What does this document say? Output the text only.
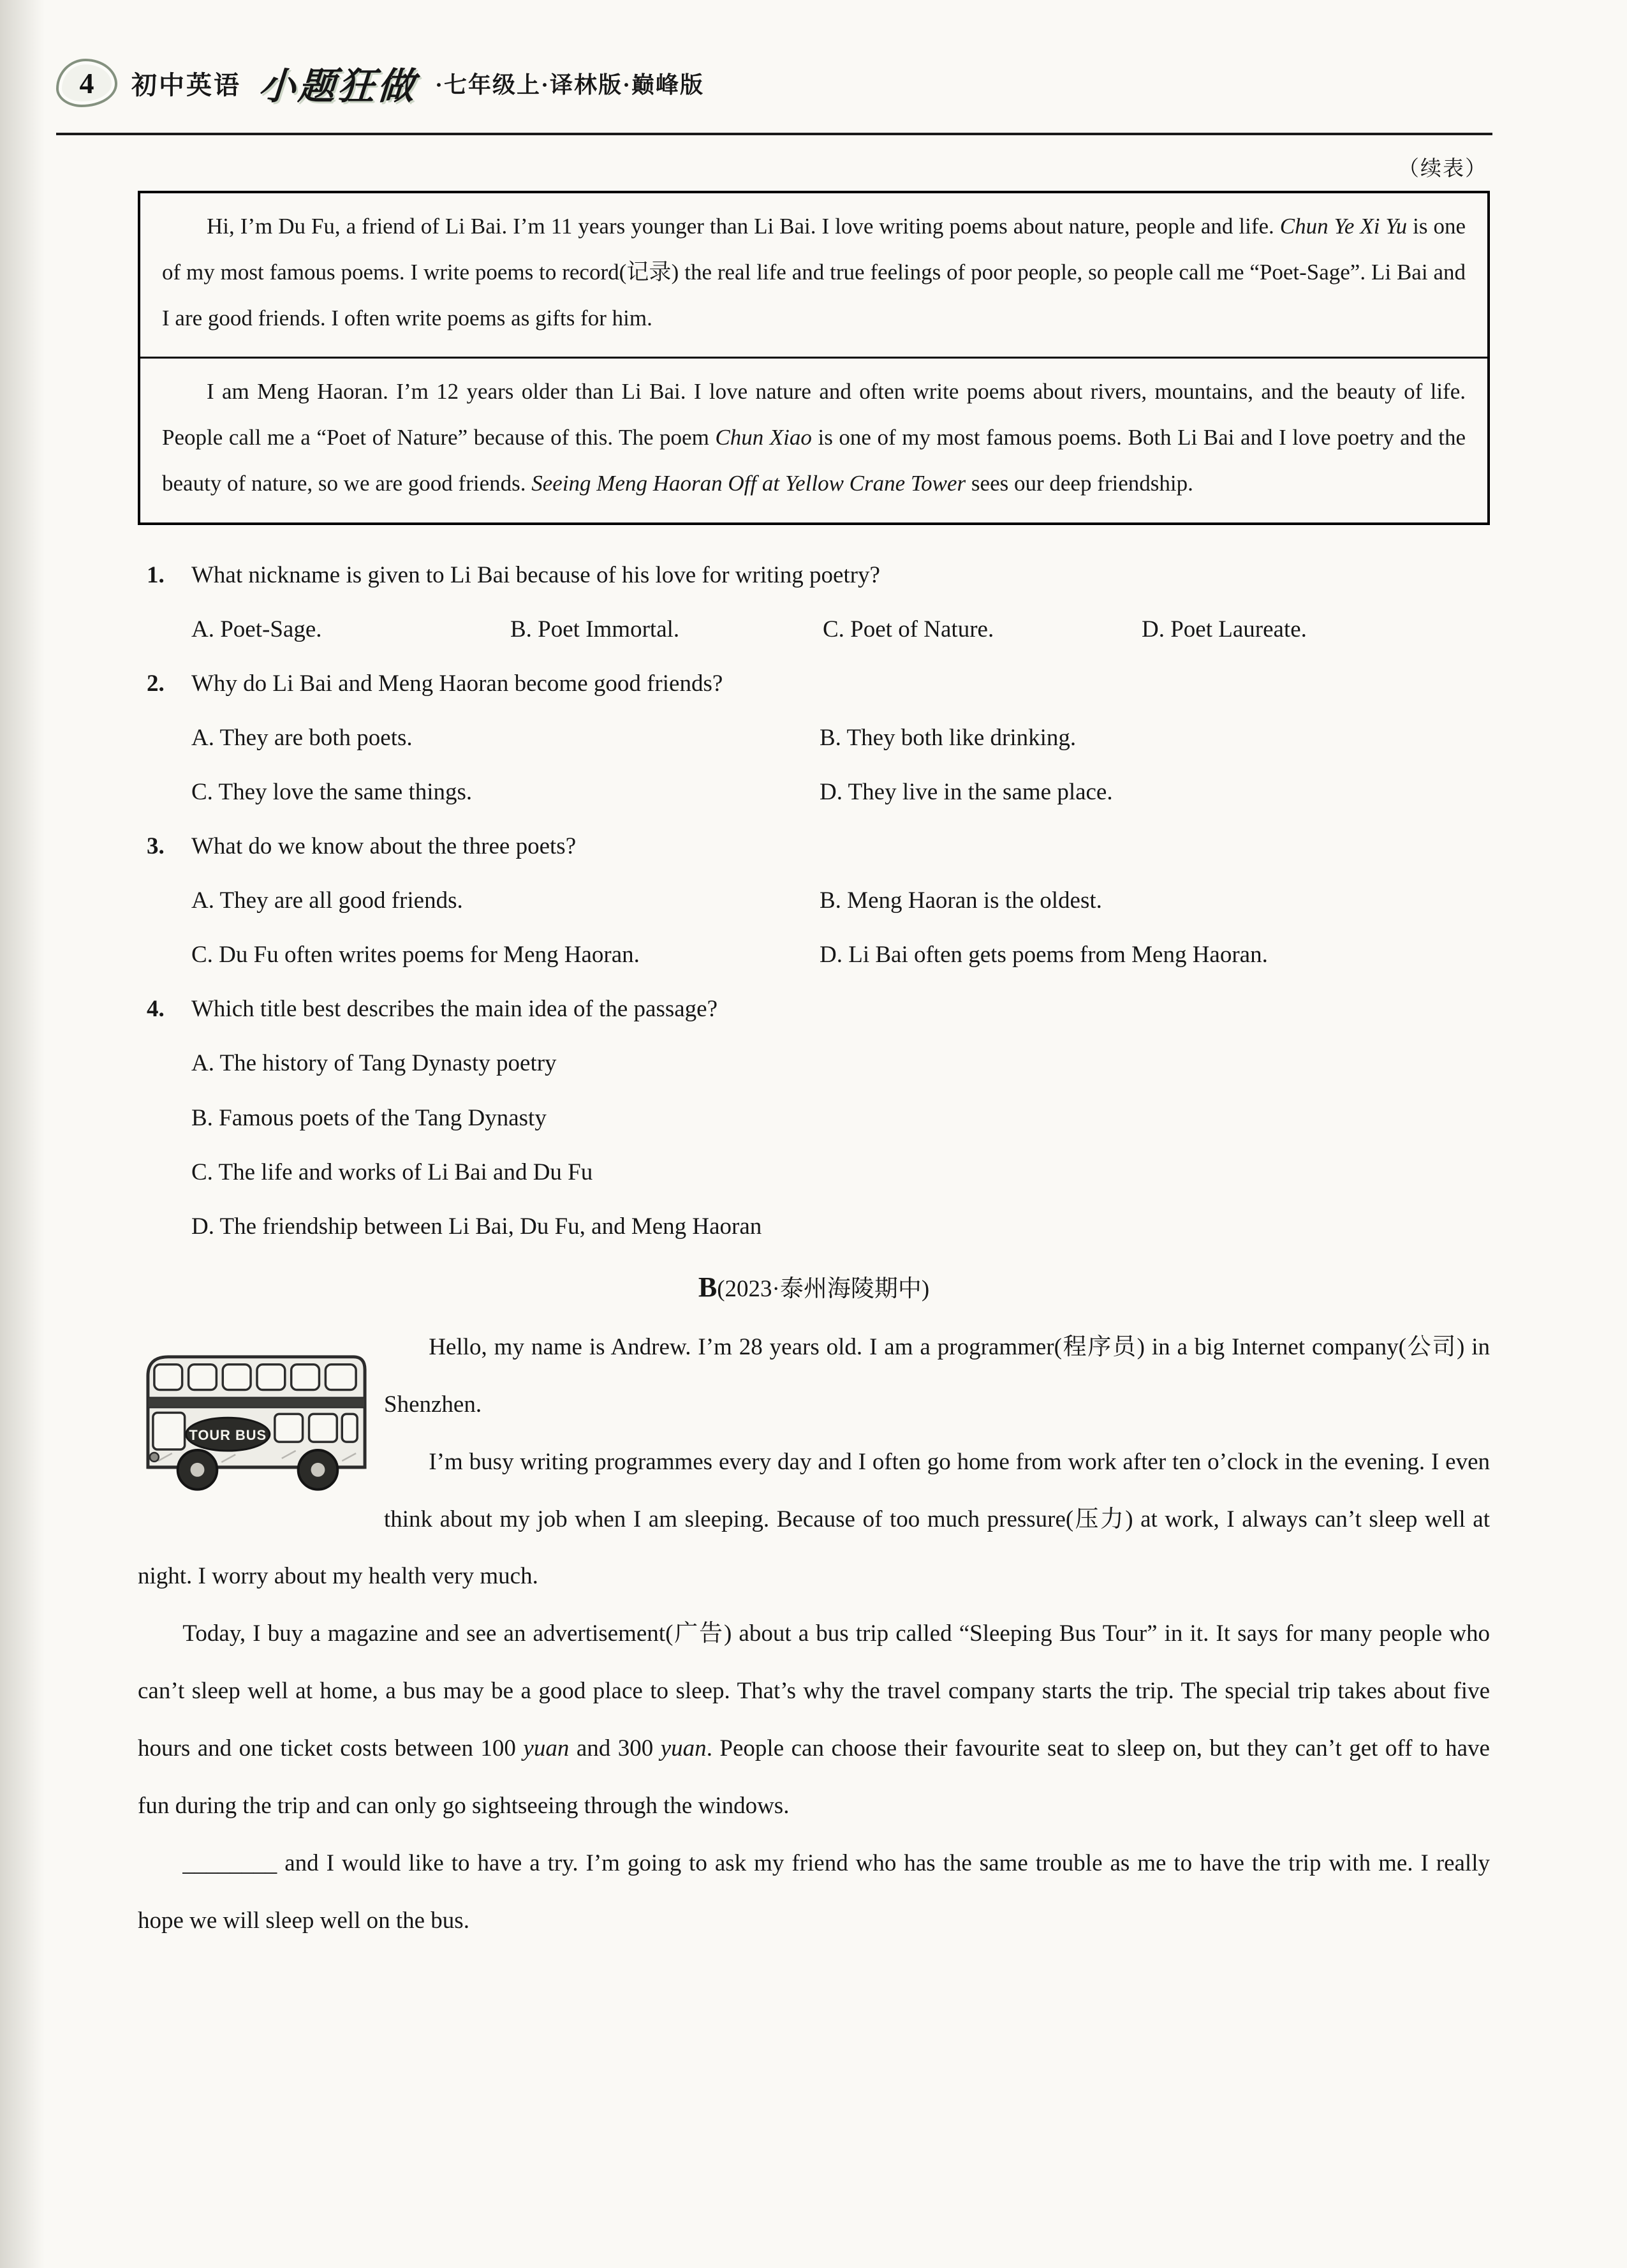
4 初中英语 小题狂做 ·七年级上·译林版·巅峰版
（续表）
Hi, I’m Du Fu, a friend of Li Bai. I’m 11 years younger than Li Bai. I love writing poems about nature, people and life. Chun Ye Xi Yu is one of my most famous poems. I write poems to record(记录) the real life and true feelings of poor people, so people call me “Poet-Sage”. Li Bai and I are good friends. I often write poems as gifts for him.
I am Meng Haoran. I’m 12 years older than Li Bai. I love nature and often write poems about rivers, mountains, and the beauty of life. People call me a “Poet of Nature” because of this. The poem Chun Xiao is one of my most famous poems. Both Li Bai and I love poetry and the beauty of nature, so we are good friends. Seeing Meng Haoran Off at Yellow Crane Tower sees our deep friendship.
1.	What nickname is given to Li Bai because of his love for writing poetry?
A. Poet-Sage.	B. Poet Immortal.	C. Poet of Nature.	D. Poet Laureate.
2.	Why do Li Bai and Meng Haoran become good friends?
A. They are both poets.	B. They both like drinking.
C. They love the same things.	D. They live in the same place.
3.	What do we know about the three poets?
A. They are all good friends.	B. Meng Haoran is the oldest.
C. Du Fu often writes poems for Meng Haoran.	D. Li Bai often gets poems from Meng Haoran.
4.	Which title best describes the main idea of the passage?
A. The history of Tang Dynasty poetry
B. Famous poets of the Tang Dynasty
C. The life and works of Li Bai and Du Fu
D. The friendship between Li Bai, Du Fu, and Meng Haoran
B(2023·泰州海陵期中)
TOUR BUS

Hello, my name is Andrew. I’m 28 years old. I am a programmer(程序员) in a big Internet company(公司) in Shenzhen.

I’m busy writing programmes every day and I often go home from work after ten o’clock in the evening. I even think about my job when I am sleeping. Because of too much pressure(压力) at work, I always can’t sleep well at night. I worry about my health very much.

Today, I buy a magazine and see an advertisement(广告) about a bus trip called “Sleeping Bus Tour” in it. It says for many people who can’t sleep well at home, a bus may be a good place to sleep. That’s why the travel company starts the trip. The special trip takes about five hours and one ticket costs between 100 yuan and 300 yuan. People can choose their favourite seat to sleep on, but they can’t get off to have fun during the trip and can only go sightseeing through the windows.

________ and I would like to have a try. I’m going to ask my friend who has the same trouble as me to have the trip with me. I really hope we will sleep well on the bus.
